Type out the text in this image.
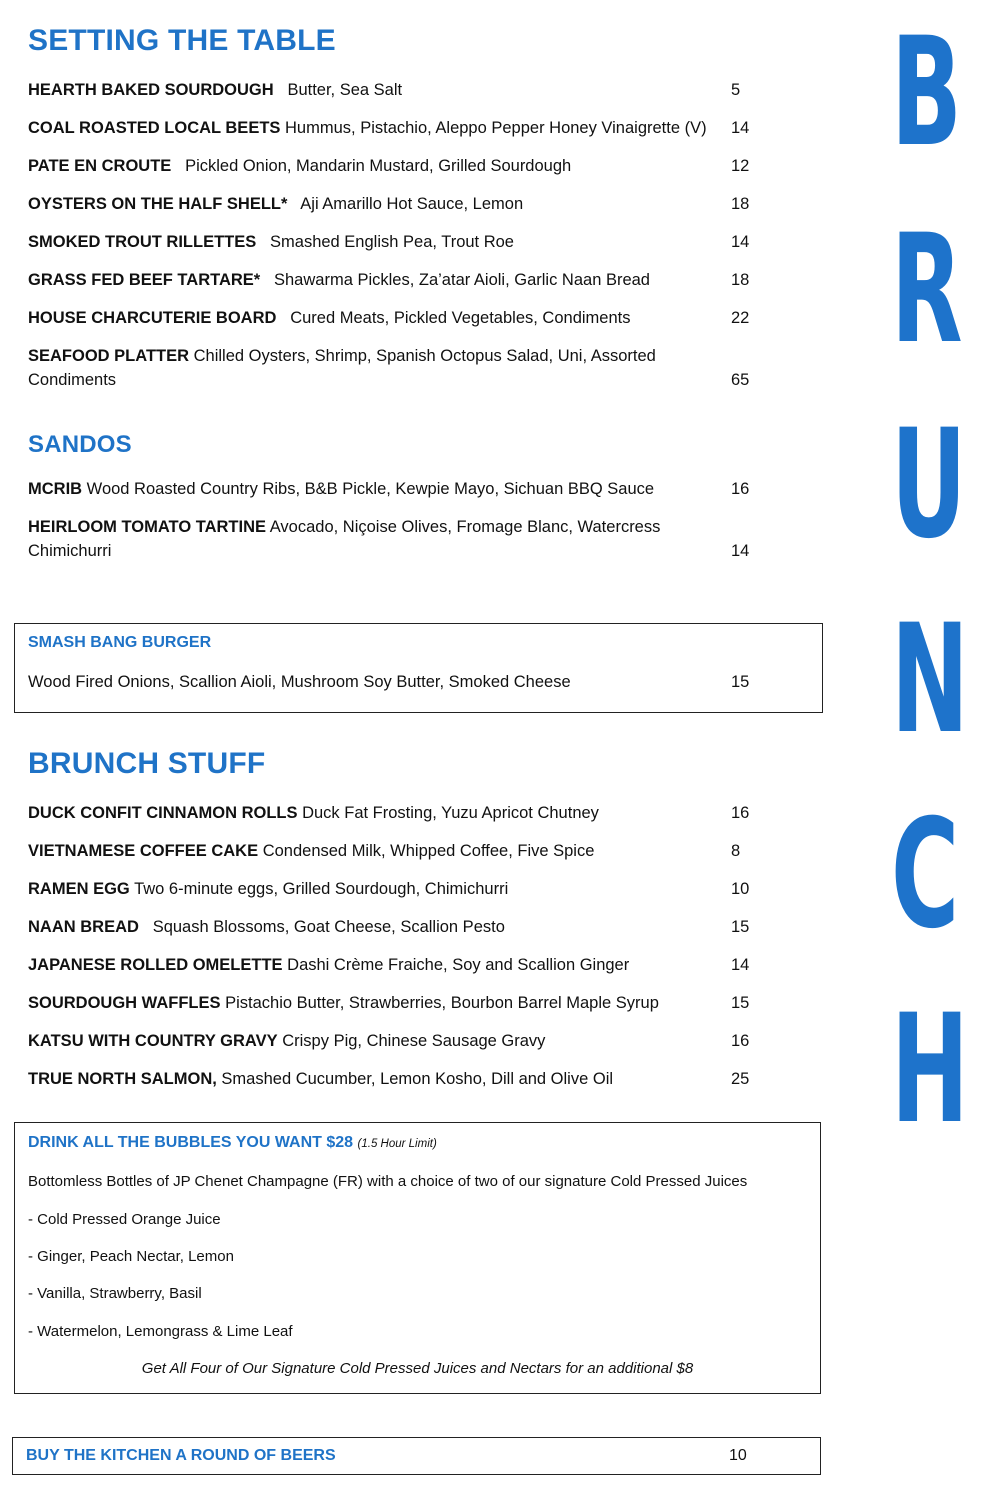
SETTING THE TABLE
HEARTH BAKED SOURDOUGH Butter, Sea Salt	5
COAL ROASTED LOCAL BEETS Hummus, Pistachio, Aleppo Pepper Honey Vinaigrette (V)	14
PATE EN CROUTE Pickled Onion, Mandarin Mustard, Grilled Sourdough	12
OYSTERS ON THE HALF SHELL* Aji Amarillo Hot Sauce, Lemon	18
SMOKED TROUT RILLETTES Smashed English Pea, Trout Roe	14
GRASS FED BEEF TARTARE* Shawarma Pickles, Za’atar Aioli, Garlic Naan Bread	18
HOUSE CHARCUTERIE BOARD Cured Meats, Pickled Vegetables, Condiments	22
SEAFOOD PLATTER Chilled Oysters, Shrimp, Spanish Octopus Salad, Uni, Assorted Condiments	65
SANDOS
MCRIB Wood Roasted Country Ribs, B&B Pickle, Kewpie Mayo, Sichuan BBQ Sauce	16
HEIRLOOM TOMATO TARTINE Avocado, Niçoise Olives, Fromage Blanc, Watercress Chimichurri	14
SMASH BANG BURGER
Wood Fired Onions, Scallion Aioli, Mushroom Soy Butter, Smoked Cheese	15
BRUNCH STUFF
DUCK CONFIT CINNAMON ROLLS Duck Fat Frosting, Yuzu Apricot Chutney	16
VIETNAMESE COFFEE CAKE Condensed Milk, Whipped Coffee, Five Spice	8
RAMEN EGG Two 6-minute eggs, Grilled Sourdough, Chimichurri	10
NAAN BREAD Squash Blossoms, Goat Cheese, Scallion Pesto	15
JAPANESE ROLLED OMELETTE Dashi Crème Fraiche, Soy and Scallion Ginger	14
SOURDOUGH WAFFLES Pistachio Butter, Strawberries, Bourbon Barrel Maple Syrup	15
KATSU WITH COUNTRY GRAVY Crispy Pig, Chinese Sausage Gravy	16
TRUE NORTH SALMON, Smashed Cucumber, Lemon Kosho, Dill and Olive Oil	25
DRINK ALL THE BUBBLES YOU WANT $28 (1.5 Hour Limit)
Bottomless Bottles of JP Chenet Champagne (FR) with a choice of two of our signature Cold Pressed Juices
- Cold Pressed Orange Juice
- Ginger, Peach Nectar, Lemon
- Vanilla, Strawberry, Basil
- Watermelon, Lemongrass & Lime Leaf
Get All Four of Our Signature Cold Pressed Juices and Nectars for an additional $8
BUY THE KITCHEN A ROUND OF BEERS	10
B
R
U
N
C
H
